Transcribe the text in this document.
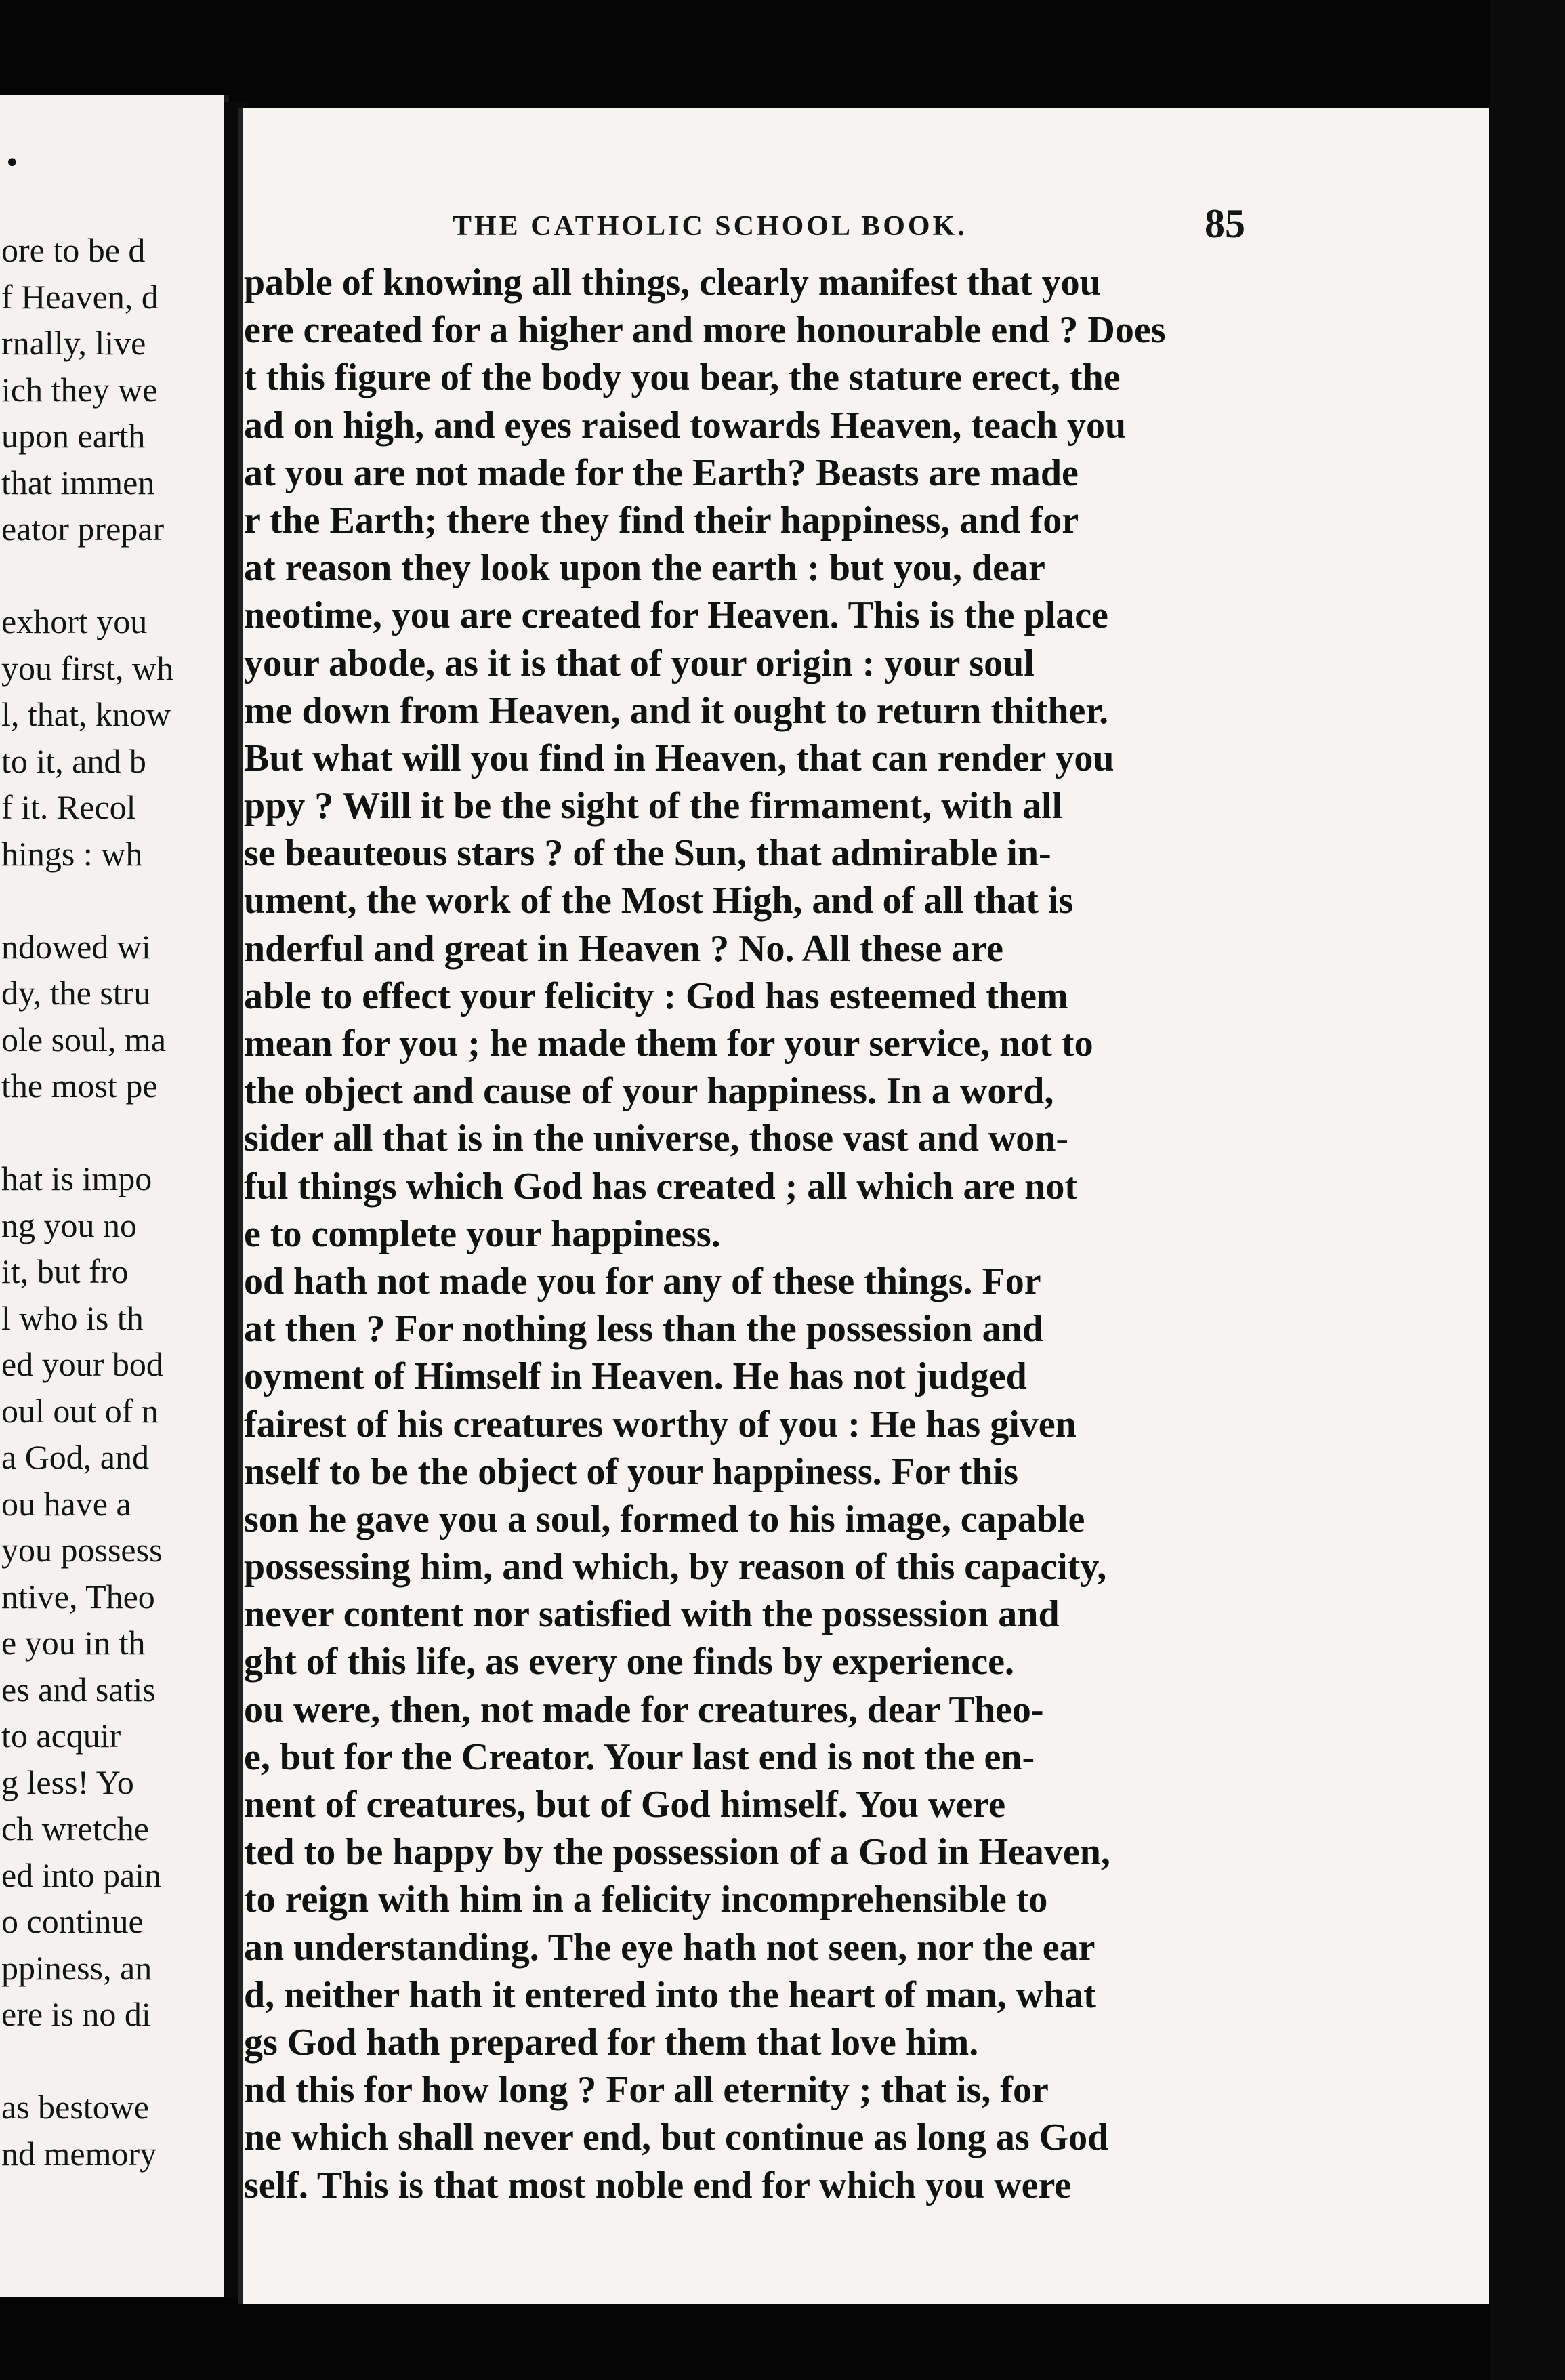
•
ore to be d
f Heaven, d
rnally, live
ich they we
upon earth
that immen
eator prepar
exhort you
you first, wh
l, that, know
to it, and b
f it. Recol
hings : wh
ndowed wi
dy, the stru
ole soul, ma
the most pe
hat is impo
ng you no
it, but fro
l who is th
ed your bod
oul out of n
a God, and
ou have a
you possess
ntive, Theo
e you in th
es and satis
to acquir
g less! Yo
ch wretche
ed into pain
o continue
ppiness, an
ere is no di
as bestowe
nd memory
THE CATHOLIC SCHOOL BOOK.	85
pable of knowing all things, clearly manifest that you
ere created for a higher and more honourable end ? Does
t this figure of the body you bear, the stature erect, the
ad on high, and eyes raised towards Heaven, teach you
at you are not made for the Earth? Beasts are made
r the Earth; there they find their happiness, and for
at reason they look upon the earth : but you, dear
neotime, you are created for Heaven. This is the place
your abode, as it is that of your origin : your soul
me down from Heaven, and it ought to return thither.
But what will you find in Heaven, that can render you
ppy ? Will it be the sight of the firmament, with all
se beauteous stars ? of the Sun, that admirable in-
ument, the work of the Most High, and of all that is
nderful and great in Heaven ? No. All these are
able to effect your felicity : God has esteemed them
mean for you ; he made them for your service, not to
the object and cause of your happiness. In a word,
sider all that is in the universe, those vast and won-
ful things which God has created ; all which are not
e to complete your happiness.
od hath not made you for any of these things. For
at then ? For nothing less than the possession and
oyment of Himself in Heaven. He has not judged
fairest of his creatures worthy of you : He has given
nself to be the object of your happiness. For this
son he gave you a soul, formed to his image, capable
possessing him, and which, by reason of this capacity,
never content nor satisfied with the possession and
ght of this life, as every one finds by experience.
ou were, then, not made for creatures, dear Theo-
e, but for the Creator. Your last end is not the en-
nent of creatures, but of God himself. You were
ted to be happy by the possession of a God in Heaven,
to reign with him in a felicity incomprehensible to
an understanding. The eye hath not seen, nor the ear
d, neither hath it entered into the heart of man, what
gs God hath prepared for them that love him.
nd this for how long ? For all eternity ; that is, for
ne which shall never end, but continue as long as God
self. This is that most noble end for which you were
